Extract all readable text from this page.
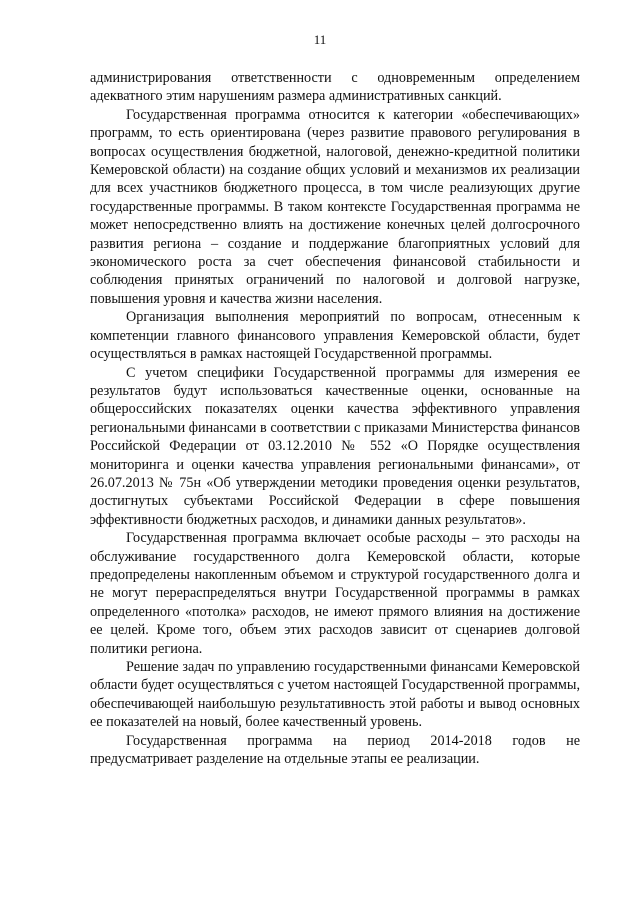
11

администрирования ответственности с одновременным определением адекватного этим нарушениям размера административных санкций.

Государственная программа относится к категории «обеспечивающих» программ, то есть ориентирована (через развитие правового регулирования в вопросах осуществления бюджетной, налоговой, денежно-кредитной политики Кемеровской области) на создание общих условий и механизмов их реализации для всех участников бюджетного процесса, в том числе реализующих другие государственные программы. В таком контексте Государственная программа не может непосредственно влиять на достижение конечных целей долгосрочного развития региона – создание и поддержание благоприятных условий для экономического роста за счет обеспечения финансовой стабильности и соблюдения принятых ограничений по налоговой и долговой нагрузке, повышения уровня и качества жизни населения.

Организация выполнения мероприятий по вопросам, отнесенным к компетенции главного финансового управления Кемеровской области, будет осуществляться в рамках настоящей Государственной программы.

С учетом специфики Государственной программы для измерения ее результатов будут использоваться качественные оценки, основанные на общероссийских показателях оценки качества эффективного управления региональными финансами в соответствии с приказами Министерства финансов Российской Федерации от 03.12.2010 № 552 «О Порядке осуществления мониторинга и оценки качества управления региональными финансами», от 26.07.2013 № 75н «Об утверждении методики проведения оценки результатов, достигнутых субъектами Российской Федерации в сфере повышения эффективности бюджетных расходов, и динамики данных результатов».

Государственная программа включает особые расходы – это расходы на обслуживание государственного долга Кемеровской области, которые предопределены накопленным объемом и структурой государственного долга и не могут перераспределяться внутри Государственной программы в рамках определенного «потолка» расходов, не имеют прямого влияния на достижение ее целей. Кроме того, объем этих расходов зависит от сценариев долговой политики региона.

Решение задач по управлению государственными финансами Кемеровской области будет осуществляться с учетом настоящей Государственной программы, обеспечивающей наибольшую результативность этой работы и вывод основных ее показателей на новый, более качественный уровень.

Государственная программа на период 2014-2018 годов не предусматривает разделение на отдельные этапы ее реализации.
